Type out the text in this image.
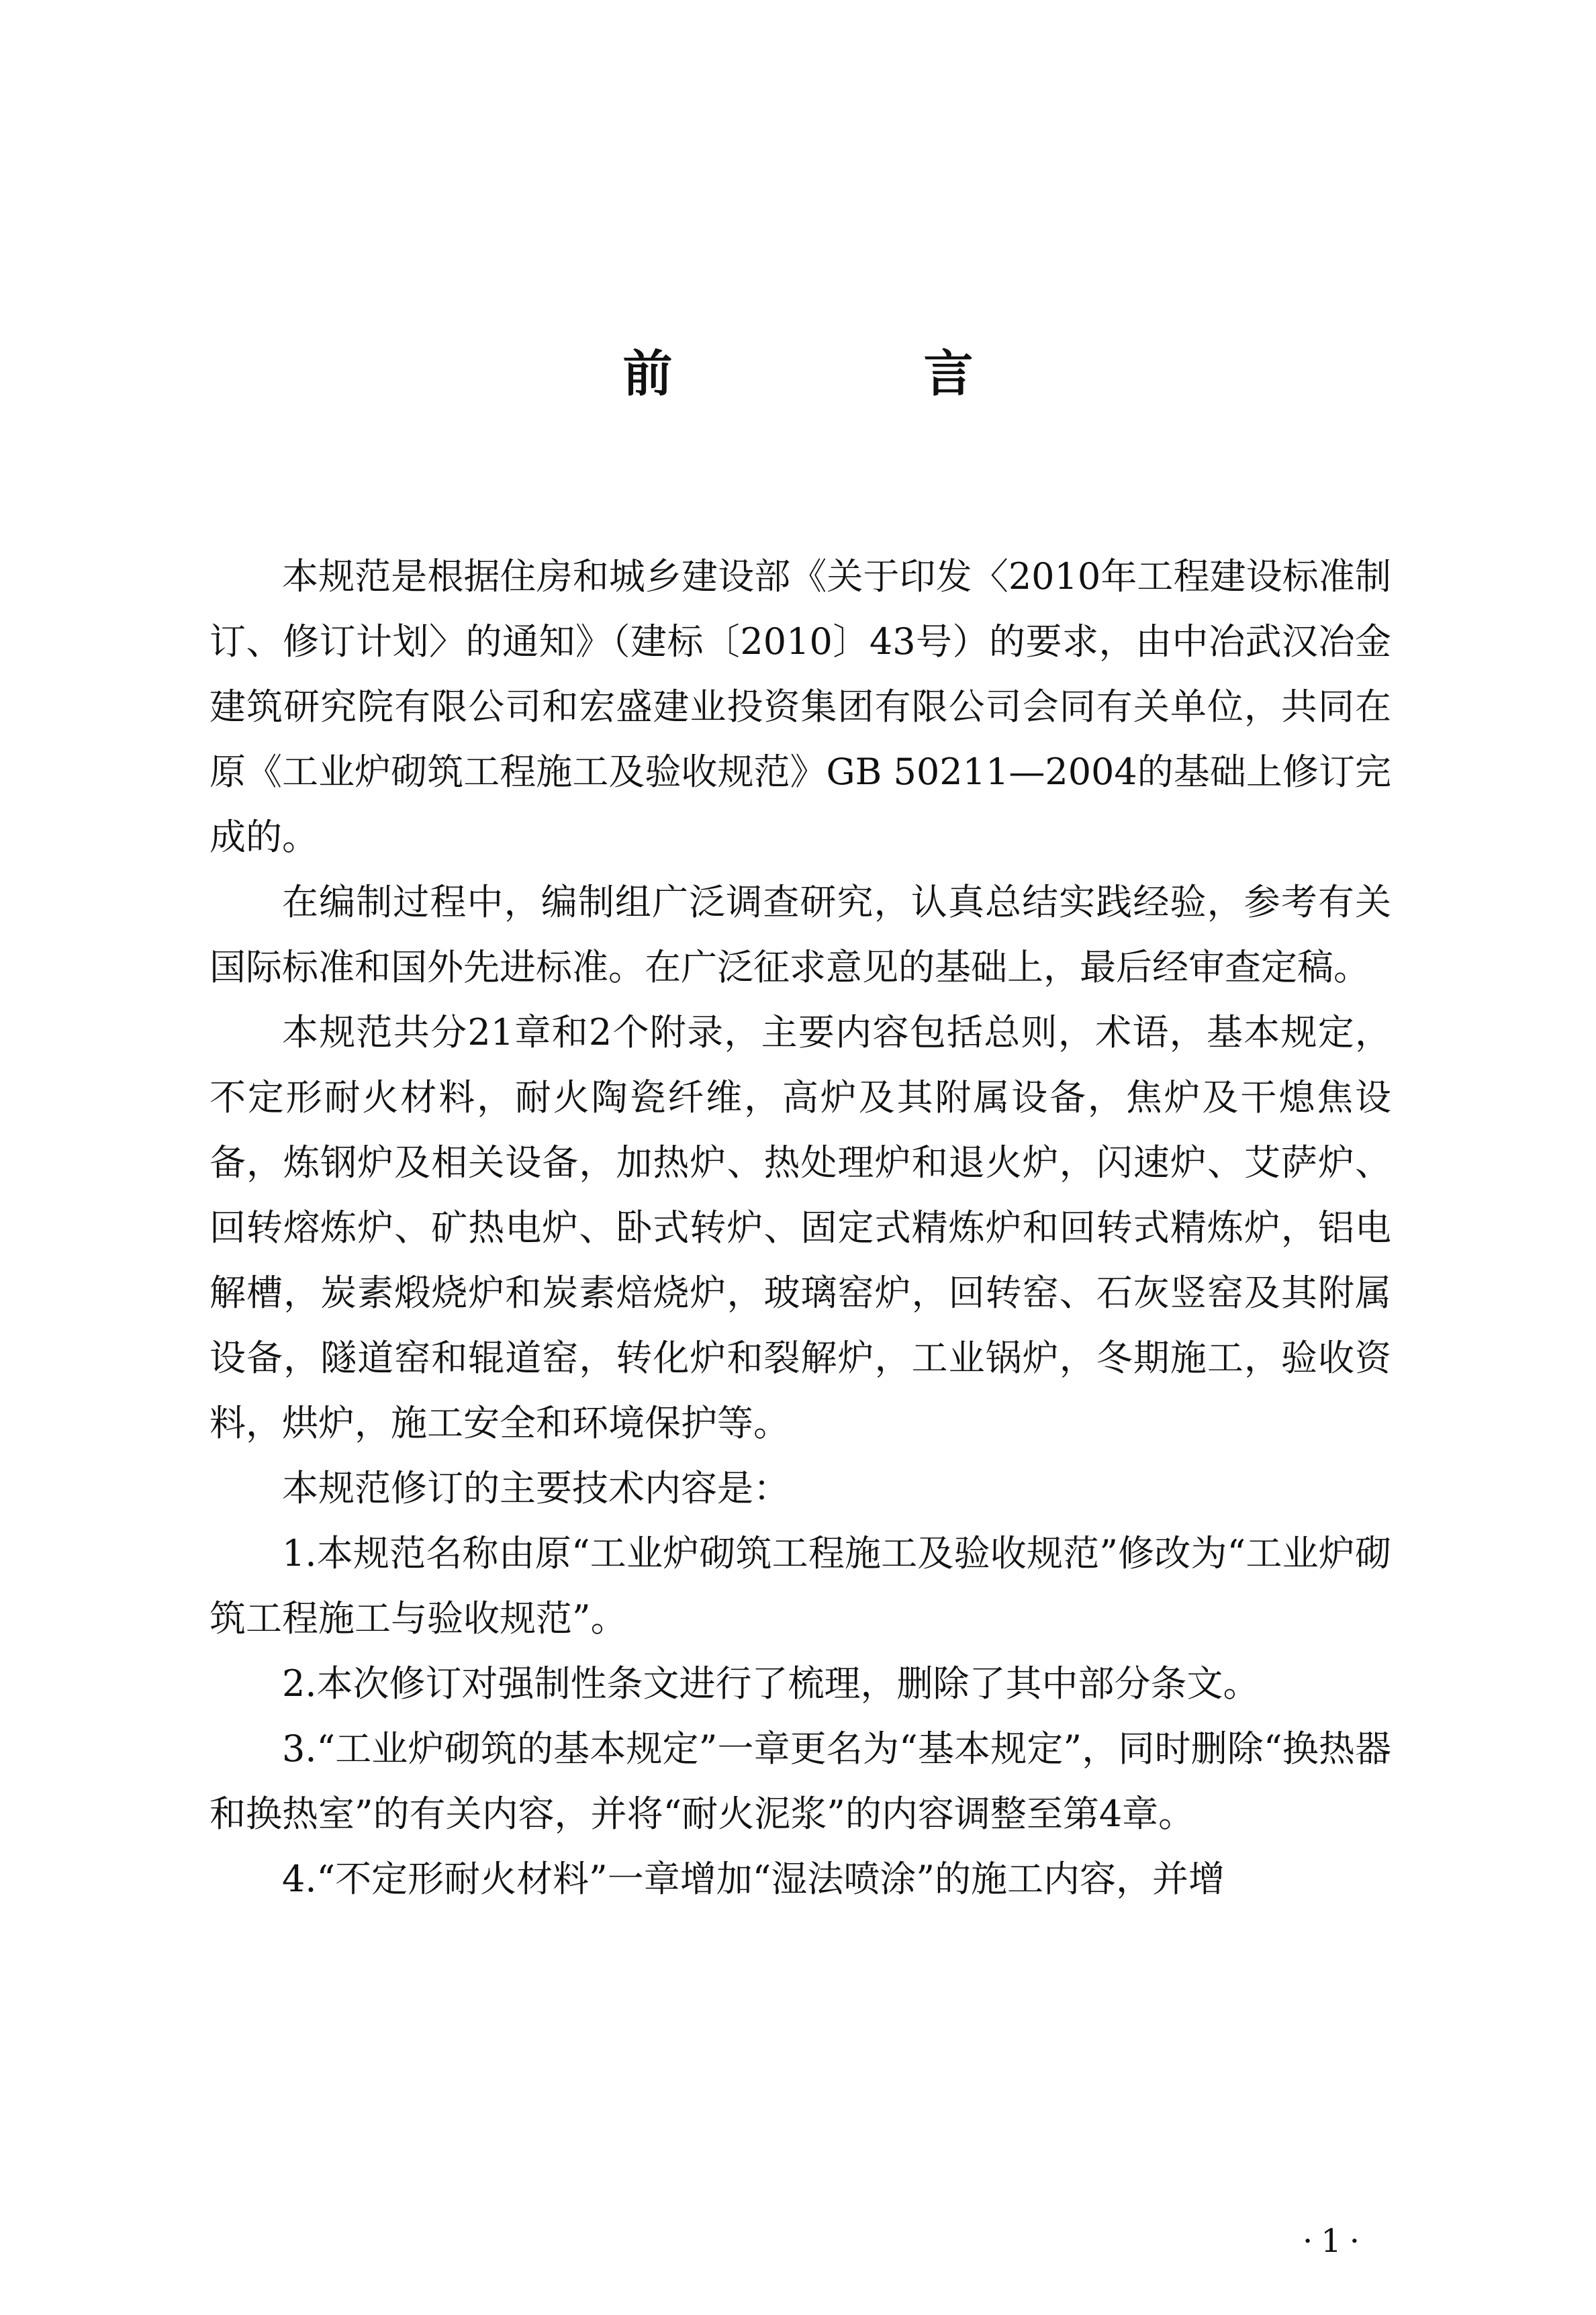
前　言

本规范是根据住房和城乡建设部《关于印发〈2010年工程建设标准制订、修订计划〉的通知》（建标〔2010〕43号）的要求，由中冶武汉冶金建筑研究院有限公司和宏盛建业投资集团有限公司会同有关单位，共同在原《工业炉砌筑工程施工及验收规范》GB 50211—2004的基础上修订完成的。

在编制过程中，编制组广泛调查研究，认真总结实践经验，参考有关国际标准和国外先进标准。在广泛征求意见的基础上，最后经审查定稿。

本规范共分21章和2个附录，主要内容包括总则，术语，基本规定，不定形耐火材料，耐火陶瓷纤维，高炉及其附属设备，焦炉及干熄焦设备，炼钢炉及相关设备，加热炉、热处理炉和退火炉，闪速炉、艾萨炉、回转熔炼炉、矿热电炉、卧式转炉、固定式精炼炉和回转式精炼炉，铝电解槽，炭素煅烧炉和炭素焙烧炉，玻璃窑炉，回转窑、石灰竖窑及其附属设备，隧道窑和辊道窑，转化炉和裂解炉，工业锅炉，冬期施工，验收资料，烘炉，施工安全和环境保护等。

本规范修订的主要技术内容是：

1.本规范名称由原“工业炉砌筑工程施工及验收规范”修改为“工业炉砌筑工程施工与验收规范”。

2.本次修订对强制性条文进行了梳理，删除了其中部分条文。

3.“工业炉砌筑的基本规定”一章更名为“基本规定”，同时删除“换热器和换热室”的有关内容，并将“耐火泥浆”的内容调整至第4章。

4.“不定形耐火材料”一章增加“湿法喷涂”的施工内容，并增

·1·
